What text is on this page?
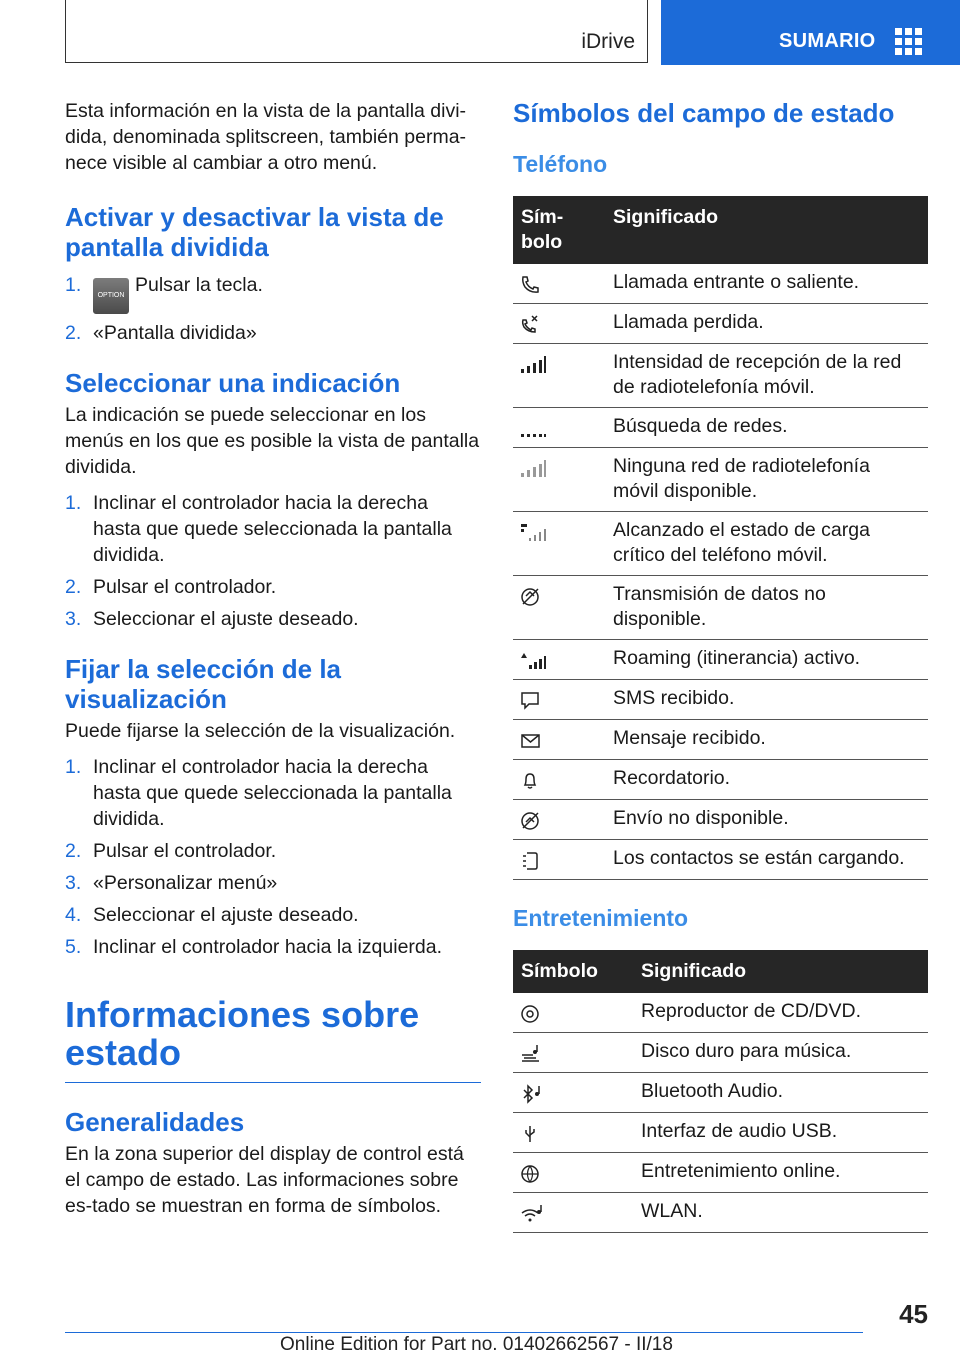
iDrive	SUMARIO

Esta información en la vista de la pantalla divi-dida, denominada splitscreen, también perma-nece visible al cambiar a otro menú.

Activar y desactivar la vista de pantalla dividida
1. OPTION Pulsar la tecla.
2. «Pantalla dividida»
Seleccionar una indicación

La indicación se puede seleccionar en los menús en los que es posible la vista de pantalla dividida.

1. Inclinar el controlador hacia la derecha hasta que quede seleccionada la pantalla dividida.
2. Pulsar el controlador.
3. Seleccionar el ajuste deseado.
Fijar la selección de la visualización

Puede fijarse la selección de la visualización.

1. Inclinar el controlador hacia la derecha hasta que quede seleccionada la pantalla dividida.
2. Pulsar el controlador.
3. «Personalizar menú»
4. Seleccionar el ajuste deseado.
5. Inclinar el controlador hacia la izquierda.
Informaciones sobre estado
Generalidades

En la zona superior del display de control está el campo de estado. Las informaciones sobre es-tado se muestran en forma de símbolos.

Símbolos del campo de estado
Teléfono
Sím-bolo	Significado

	Llamada entrante o saliente.

	Llamada perdida.

	Intensidad de recepción de la red de radiotelefonía móvil.

	Búsqueda de redes.

	Ninguna red de radiotelefonía móvil disponible.

	Alcanzado el estado de carga crítico del teléfono móvil.

	Transmisión de datos no disponible.

	Roaming (itinerancia) activo.

	SMS recibido.

	Mensaje recibido.

	Recordatorio.

	Envío no disponible.

	Los contactos se están cargando.
Entretenimiento
Símbolo	Significado

	Reproductor de CD/DVD.

	Disco duro para música.

	Bluetooth Audio.

	Interfaz de audio USB.

	Entretenimiento online.

	WLAN.
45
Online Edition for Part no. 01402662567 - II/18
